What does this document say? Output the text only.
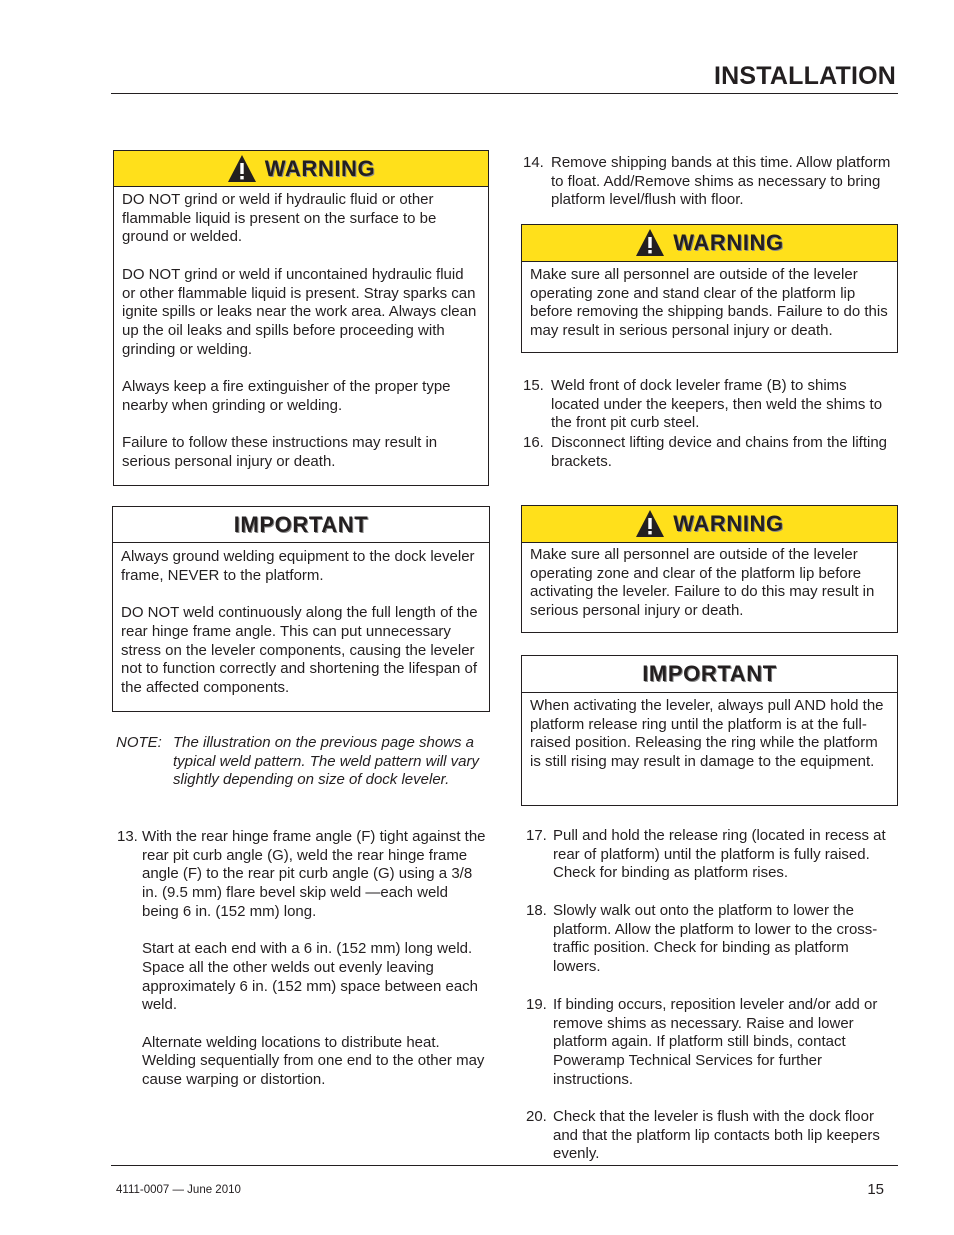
INSTALLATION
WARNING

DO NOT grind or weld if hydraulic fluid or other flammable liquid is present on the surface to be ground or welded.

DO NOT grind or weld if uncontained hydraulic fluid or other flammable liquid is present. Stray sparks can ignite spills or leaks near the work area. Always clean up the oil leaks and spills before proceeding with grinding or welding.

Always keep a fire extinguisher of the proper type nearby when grinding or welding.

Failure to follow these instructions may result in serious personal injury or death.

IMPORTANT

Always ground welding equipment to the dock leveler frame, NEVER to the platform.

DO NOT weld continuously along the full length of the rear hinge frame angle. This can put unnecessary stress on the leveler components, causing the leveler not to function correctly and shortening the lifespan of the affected components.

NOTE: The illustration on the previous page shows a typical weld pattern. The weld pattern will vary slightly depending on size of dock leveler.
13. With the rear hinge frame angle (F) tight against the rear pit curb angle (G), weld the rear hinge frame angle (F) to the rear pit curb angle (G) using a 3/8 in. (9.5 mm) flare bevel skip weld —each weld being 6 in. (152 mm) long.

Start at each end with a 6 in. (152 mm) long weld. Space all the other welds out evenly leaving approximately 6 in. (152 mm) space between each weld.

Alternate welding locations to distribute heat. Welding sequentially from one end to the other may cause warping or distortion.

14. Remove shipping bands at this time. Allow platform to float. Add/Remove shims as necessary to bring platform level/flush with floor.
WARNING

Make sure all personnel are outside of the leveler operating zone and stand clear of the platform lip before removing the shipping bands. Failure to do this may result in serious personal injury or death.

15. Weld front of dock leveler frame (B) to shims located under the keepers, then weld the shims to the front pit curb steel.
16. Disconnect lifting device and chains from the lifting brackets.
WARNING

Make sure all personnel are outside of the leveler operating zone and clear of the platform lip before activating the leveler. Failure to do this may result in serious personal injury or death.

IMPORTANT

When activating the leveler, always pull AND hold the platform release ring until the platform is at the full-raised position. Releasing the ring while the platform is still rising may result in damage to the equipment.

17. Pull and hold the release ring (located in recess at rear of platform) until the platform is fully raised. Check for binding as platform rises.
18. Slowly walk out onto the platform to lower the platform. Allow the platform to lower to the cross-traffic position. Check for binding as platform lowers.
19. If binding occurs, reposition leveler and/or add or remove shims as necessary. Raise and lower platform again. If platform still binds, contact Poweramp Technical Services for further instructions.
20. Check that the leveler is flush with the dock floor and that the platform lip contacts both lip keepers evenly.
4111-0007 — June 2010	15
